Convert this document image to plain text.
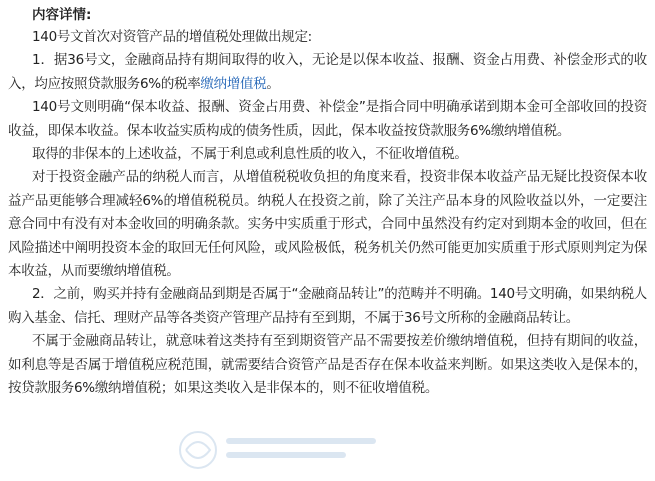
内容详情:

140号文首次对资管产品的增值税处理做出规定:

1．据36号文，金融商品持有期间取得的收入，无论是以保本收益、报酬、资金占用费、补偿金形式的收入，均应按照贷款服务6%的税率缴纳增值税。

140号文则明确“保本收益、报酬、资金占用费、补偿金”是指合同中明确承诺到期本金可全部收回的投资收益，即保本收益。保本收益实质构成的债务性质，因此，保本收益按贷款服务6%缴纳增值税。

取得的非保本的上述收益，不属于利息或利息性质的收入，不征收增值税。

对于投资金融产品的纳税人而言，从增值税税收负担的角度来看，投资非保本收益产品无疑比投资保本收益产品更能够合理减轻6%的增值税税员。纳税人在投资之前，除了关注产品本身的风险收益以外，一定要注意合同中有没有对本金收回的明确条款。实务中实质重于形式，合同中虽然没有约定对到期本金的收回，但在风险描述中阐明投资本金的取回无任何风险，或风险极低，税务机关仍然可能更加实质重于形式原则判定为保本收益，从而要缴纳增值税。

2．之前，购买并持有金融商品到期是否属于“金融商品转让”的范畴并不明确。140号文明确，如果纳税人购入基金、信托、理财产品等各类资产管理产品持有至到期，不属于36号文所称的金融商品转让。

不属于金融商品转让，就意味着这类持有至到期资管产品不需要按差价缴纳增值税，但持有期间的收益，如利息等是否属于增值税应税范围，就需要结合资管产品是否存在保本收益来判断。如果这类收入是保本的，按贷款服务6%缴纳增值税；如果这类收入是非保本的，则不征收增值税。
